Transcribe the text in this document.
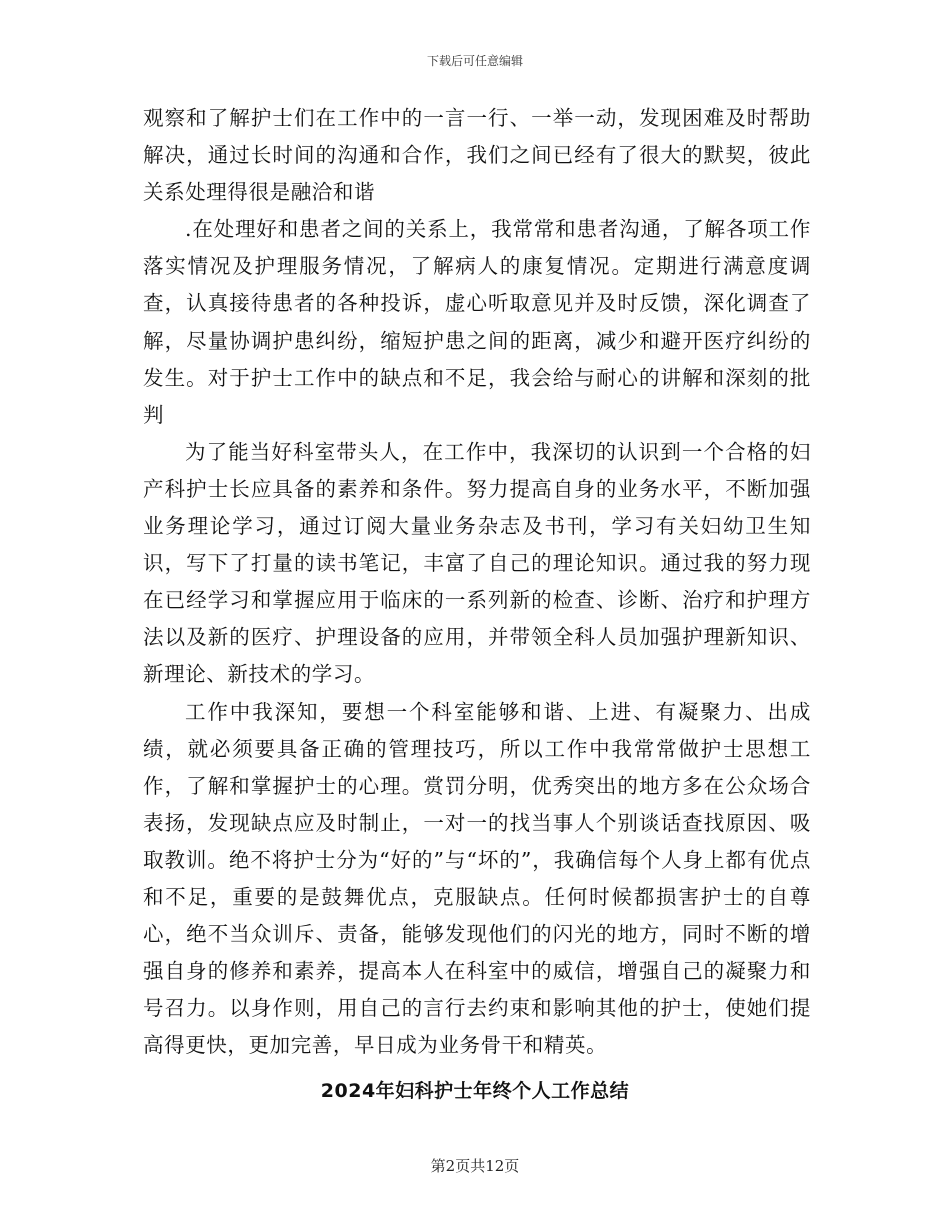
下载后可任意编辑

观察和了解护士们在工作中的一言一行、一举一动，发现困难及时帮助解决，通过长时间的沟通和合作，我们之间已经有了很大的默契，彼此关系处理得很是融洽和谐

.在处理好和患者之间的关系上，我常常和患者沟通，了解各项工作落实情况及护理服务情况，了解病人的康复情况。定期进行满意度调查，认真接待患者的各种投诉，虚心听取意见并及时反馈，深化调查了解，尽量协调护患纠纷，缩短护患之间的距离，减少和避开医疗纠纷的发生。对于护士工作中的缺点和不足，我会给与耐心的讲解和深刻的批判

为了能当好科室带头人，在工作中，我深切的认识到一个合格的妇产科护士长应具备的素养和条件。努力提高自身的业务水平，不断加强业务理论学习，通过订阅大量业务杂志及书刊，学习有关妇幼卫生知识，写下了打量的读书笔记，丰富了自己的理论知识。通过我的努力现在已经学习和掌握应用于临床的一系列新的检查、诊断、治疗和护理方法以及新的医疗、护理设备的应用，并带领全科人员加强护理新知识、新理论、新技术的学习。

工作中我深知，要想一个科室能够和谐、上进、有凝聚力、出成绩，就必须要具备正确的管理技巧，所以工作中我常常做护士思想工作，了解和掌握护士的心理。赏罚分明，优秀突出的地方多在公众场合表扬，发现缺点应及时制止，一对一的找当事人个别谈话查找原因、吸取教训。绝不将护士分为“好的”与“坏的”，我确信每个人身上都有优点和不足，重要的是鼓舞优点，克服缺点。任何时候都损害护士的自尊心，绝不当众训斥、责备，能够发现他们的闪光的地方，同时不断的增强自身的修养和素养，提高本人在科室中的威信，增强自己的凝聚力和号召力。以身作则，用自己的言行去约束和影响其他的护士，使她们提高得更快，更加完善，早日成为业务骨干和精英。

2024年妇科护士年终个人工作总结
第2页共12页
